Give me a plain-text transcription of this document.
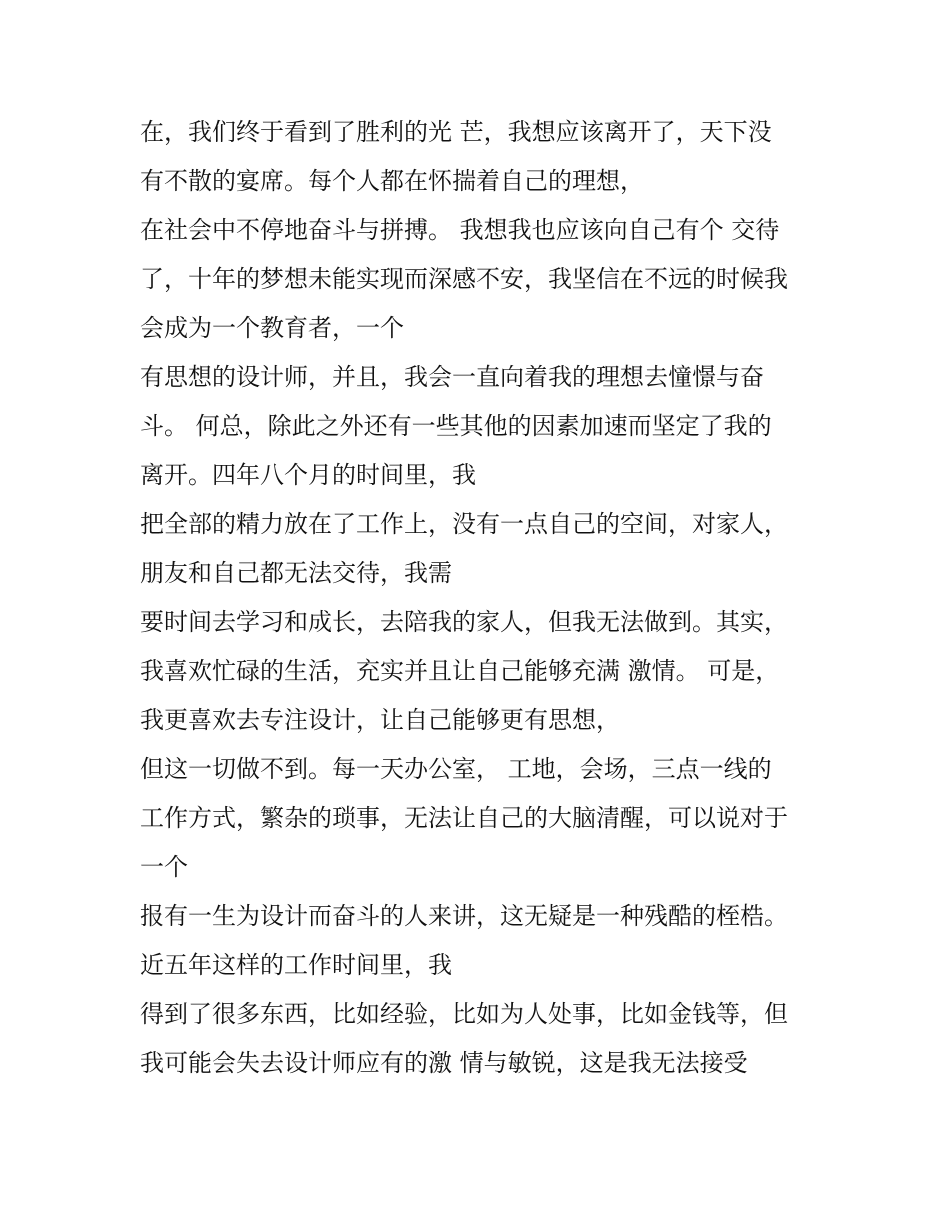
在，我们终于看到了胜利的光 芒，我想应该离开了，天下没

有不散的宴席。每个人都在怀揣着自己的理想，

在社会中不停地奋斗与拼搏。 我想我也应该向自己有个 交待

了，十年的梦想未能实现而深感不安，我坚信在不远的时候我

会成为一个教育者，一个

有思想的设计师，并且，我会一直向着我的理想去憧憬与奋

斗。 何总，除此之外还有一些其他的因素加速而坚定了我的

离开。四年八个月的时间里，我

把全部的精力放在了工作上，没有一点自己的空间，对家人，

朋友和自己都无法交待，我需

要时间去学习和成长，去陪我的家人，但我无法做到。其实，

我喜欢忙碌的生活，充实并且让自己能够充满 激情。 可是，

我更喜欢去专注设计，让自己能够更有思想，

但这一切做不到。每一天办公室， 工地，会场，三点一线的

工作方式，繁杂的琐事，无法让自己的大脑清醒，可以说对于

一个

报有一生为设计而奋斗的人来讲，这无疑是一种残酷的桎梏。

近五年这样的工作时间里，我

得到了很多东西，比如经验，比如为人处事，比如金钱等，但

我可能会失去设计师应有的激 情与敏锐，这是我无法接受
